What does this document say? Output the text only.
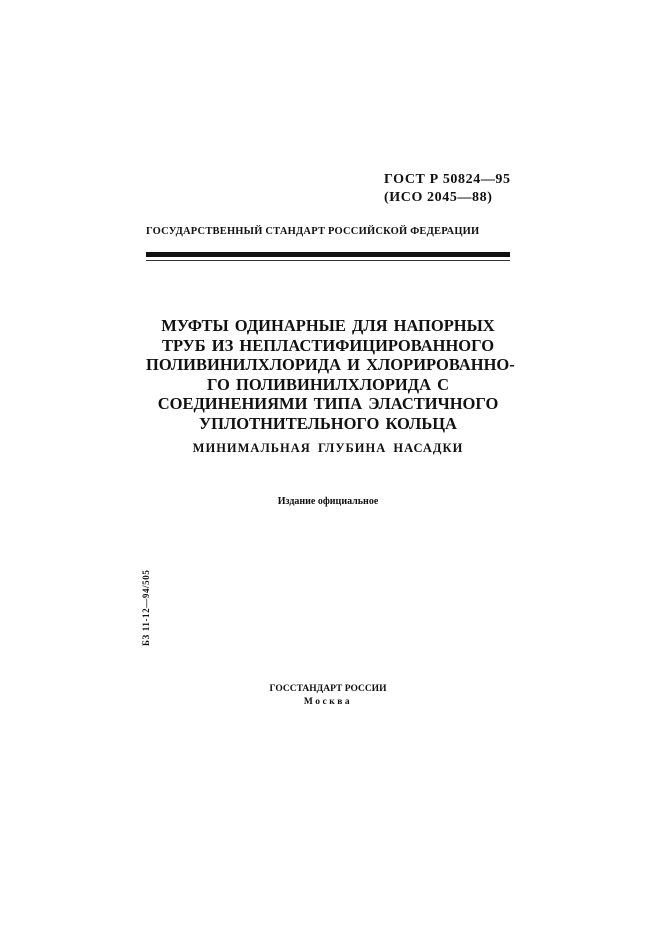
ГОСТ Р 50824—95
(ИСО 2045—88)
ГОСУДАРСТВЕННЫЙ СТАНДАРТ РОССИЙСКОЙ ФЕДЕРАЦИИ
МУФТЫ ОДИНАРНЫЕ ДЛЯ НАПОРНЫХ
ТРУБ ИЗ НЕПЛАСТИФИЦИРОВАННОГО
ПОЛИВИНИЛХЛОРИДА И ХЛОРИРОВАННО-
ГО ПОЛИВИНИЛХЛОРИДА С
СОЕДИНЕНИЯМИ ТИПА ЭЛАСТИЧНОГО
УПЛОТНИТЕЛЬНОГО КОЛЬЦА
МИНИМАЛЬНАЯ ГЛУБИНА НАСАДКИ
Издание официальное
БЗ 11-12—94/505
ГОССТАНДАРТ РОССИИ
Москва
